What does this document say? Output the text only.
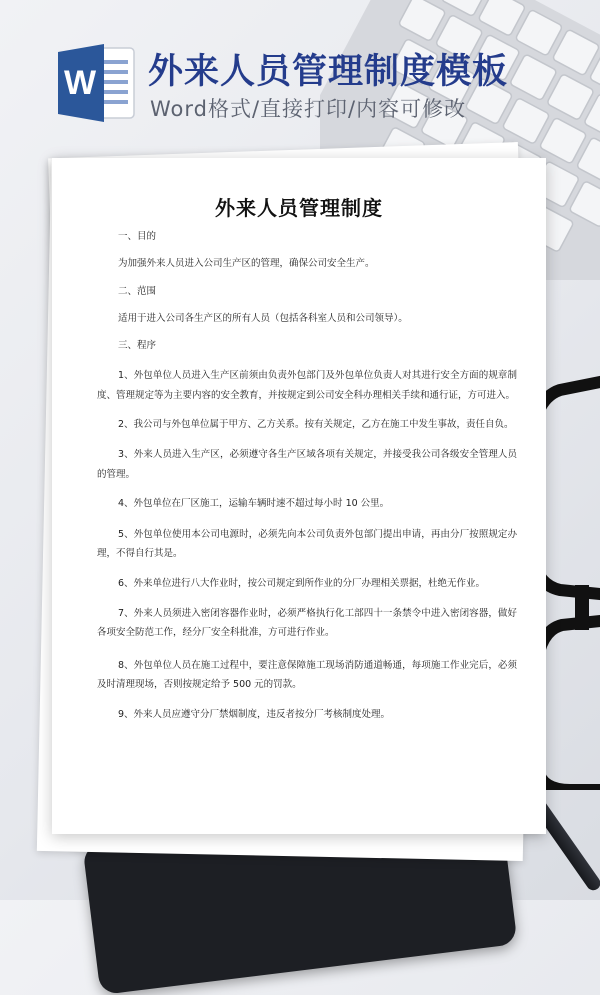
W 外来人员管理制度模板

Word格式/直接打印/内容可修改

外来人员管理制度

一、目的

为加强外来人员进入公司生产区的管理，确保公司安全生产。

二、范围

适用于进入公司各生产区的所有人员（包括各科室人员和公司领导）。

三、程序

1、外包单位人员进入生产区前须由负责外包部门及外包单位负责人对其进行安全方面的规章制度、管理规定等为主要内容的安全教育，并按规定到公司安全科办理相关手续和通行证，方可进入。

2、我公司与外包单位属于甲方、乙方关系。按有关规定，乙方在施工中发生事故，责任自负。

3、外来人员进入生产区，必须遵守各生产区域各项有关规定，并接受我公司各级安全管理人员的管理。

4、外包单位在厂区施工，运输车辆时速不超过每小时 10 公里。

5、外包单位使用本公司电源时，必须先向本公司负责外包部门提出申请，再由分厂按照规定办理，不得自行其是。

6、外来单位进行八大作业时，按公司规定到所作业的分厂办理相关票据，杜绝无作业。

7、外来人员须进入密闭容器作业时，必须严格执行化工部四十一条禁令中进入密闭容器，做好各项安全防范工作，经分厂安全科批准，方可进行作业。

8、外包单位人员在施工过程中，要注意保障施工现场消防通道畅通，每项施工作业完后，必须及时清理现场，否则按规定给予 500 元的罚款。

9、外来人员应遵守分厂禁烟制度，违反者按分厂考核制度处理。
